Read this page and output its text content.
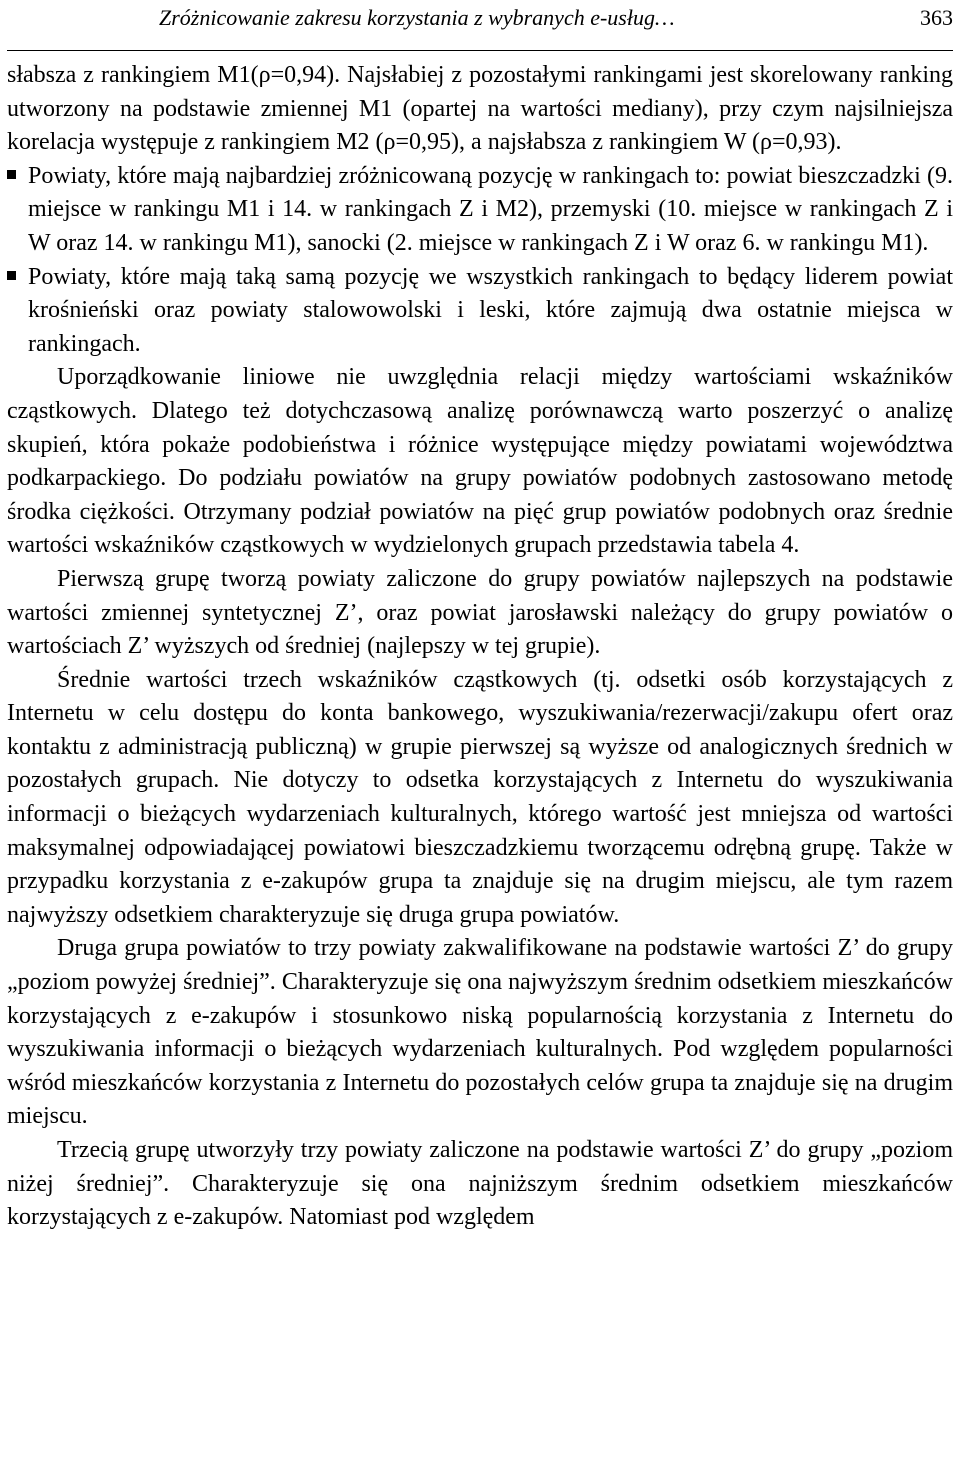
Zróżnicowanie zakresu korzystania z wybranych e-usług…	363

słabsza z rankingiem M1(ρ=0,94). Najsłabiej z pozostałymi rankingami jest skorelowany ranking utworzony na podstawie zmiennej M1 (opartej na wartości mediany), przy czym najsilniejsza korelacja występuje z rankingiem M2 (ρ=0,95), a najsłabsza z rankingiem W (ρ=0,93).

Powiaty, które mają najbardziej zróżnicowaną pozycję w rankingach to: powiat bieszczadzki (9. miejsce w rankingu M1 i 14. w rankingach Z i M2), przemyski (10. miejsce w rankingach Z i W oraz 14. w rankingu M1), sanocki (2. miejsce w rankingach Z i W oraz 6. w rankingu M1).
Powiaty, które mają taką samą pozycję we wszystkich rankingach to będący liderem powiat krośnieński oraz powiaty stalowowolski i leski, które zajmują dwa ostatnie miejsca w rankingach.

Uporządkowanie liniowe nie uwzględnia relacji między wartościami wskaźników cząstkowych. Dlatego też dotychczasową analizę porównawczą warto poszerzyć o analizę skupień, która pokaże podobieństwa i różnice występujące między powiatami województwa podkarpackiego. Do podziału powiatów na grupy powiatów podobnych zastosowano metodę środka ciężkości. Otrzymany podział powiatów na pięć grup powiatów podobnych oraz średnie wartości wskaźników cząstkowych w wydzielonych grupach przedstawia tabela 4.

Pierwszą grupę tworzą powiaty zaliczone do grupy powiatów najlepszych na podstawie wartości zmiennej syntetycznej Z’, oraz powiat jarosławski należący do grupy powiatów o wartościach Z’ wyższych od średniej (najlepszy w tej grupie).

Średnie wartości trzech wskaźników cząstkowych (tj. odsetki osób korzystających z Internetu w celu dostępu do konta bankowego, wyszukiwania/rezerwacji/zakupu ofert oraz kontaktu z administracją publiczną) w grupie pierwszej są wyższe od analogicznych średnich w pozostałych grupach. Nie dotyczy to odsetka korzystających z Internetu do wyszukiwania informacji o bieżących wydarzeniach kulturalnych, którego wartość jest mniejsza od wartości maksymalnej odpowiadającej powiatowi bieszczadzkiemu tworzącemu odrębną grupę. Także w przypadku korzystania z e-zakupów grupa ta znajduje się na drugim miejscu, ale tym razem najwyższy odsetkiem charakteryzuje się druga grupa powiatów.

Druga grupa powiatów to trzy powiaty zakwalifikowane na podstawie wartości Z’ do grupy „poziom powyżej średniej”. Charakteryzuje się ona najwyższym średnim odsetkiem mieszkańców korzystających z e-zakupów i stosunkowo niską popularnością korzystania z Internetu do wyszukiwania informacji o bieżących wydarzeniach kulturalnych. Pod względem popularności wśród mieszkańców korzystania z Internetu do pozostałych celów grupa ta znajduje się na drugim miejscu.

Trzecią grupę utworzyły trzy powiaty zaliczone na podstawie wartości Z’ do grupy „poziom niżej średniej”. Charakteryzuje się ona najniższym średnim odsetkiem mieszkańców korzystających z e-zakupów. Natomiast pod względem
